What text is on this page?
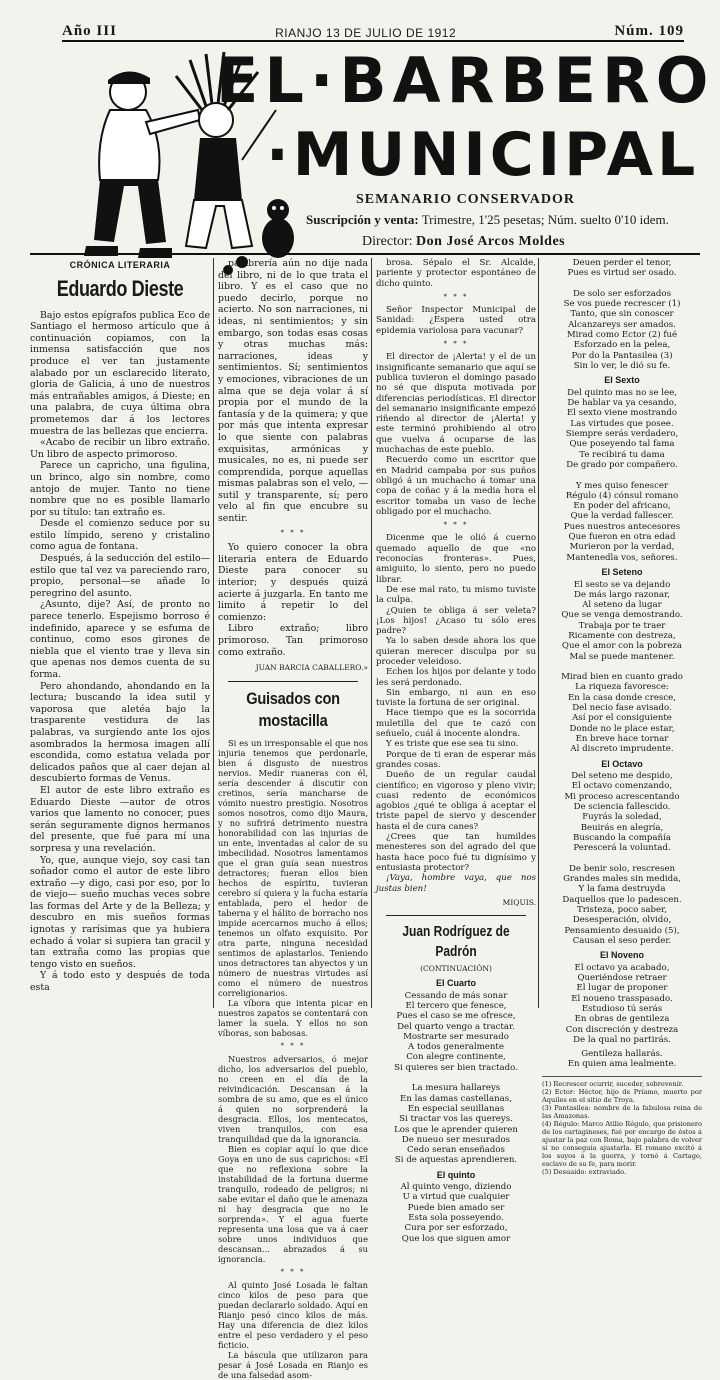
Año III	RIANJO 13 DE JULIO DE 1912	Núm. 109
EL·BARBERO
·MUNICIPAL
SEMANARIO CONSERVADOR
Suscripción y venta: Trimestre, 1'25 pesetas; Núm. suelto 0'10 idem.
Director: Don José Arcos Moldes
CRÓNICA LITERARIA
Eduardo Dieste

Bajo estos epígrafos publica Eco de Santiago el hermoso artículo que á continuación copiamos, con la inmensa satisfacción que nos produce el ver tan justamente alabado por un esclarecido literato, gloria de Galicia, á uno de nuestros más entrañables amigos, á Dieste; en una palabra, de cuya última obra prometemos dar á los lectores muestra de las bellezas que encierra.

«Acabo de recibir un libro extraño. Un libro de aspecto primoroso.

Parece un capricho, una figulina, un brinco, algo sin nombre, como antojo de mujer. Tanto no tiene nombre que no es posible llamarlo por su título: tan extraño es.

Desde el comienzo seduce por su estilo límpido, sereno y cristalino como agua de fontana.

Después, á la seducción del estilo—estilo que tal vez va pareciendo raro, propio, personal—se añade lo peregrino del asunto.

¿Asunto, dije? Así, de pronto no parece tenerlo. Espejismo borroso é indefinido, aparece y se esfuma de continuo, como esos girones de niebla que el viento trae y lleva sin que apenas nos demos cuenta de su forma.

Pero ahondando, ahondando en la lectura; buscando la idea sutil y vaporosa que aletéa bajo la trasparente vestidura de las palabras, va surgiendo ante los ojos asombrados la hermosa imagen allí escondida, como estatua velada por delicados paños que al caer dejan al descubierto formas de Venus.

El autor de este libro extraño es Eduardo Dieste —autor de otros varios que lamento no conocer, pues serán seguramente dignos hermanos del presente, que fué para mí una sorpresa y una revelación.

Yo, que, aunque viejo, soy casi tan soñador como el autor de este libro extraño —y digo, casi por eso, por lo de viejo— sueño muchas veces sobre las formas del Arte y de la Belleza; y descubro en mis sueños formas ignotas y rarísimas que ya hubiera echado á volar si supiera tan gracil y tan extraña como las propias que tengo visto en sueños.

Y á todo esto y después de toda esta

palabrería aún no dije nada del libro, ni de lo que trata el libro. Y es el caso que no puedo decirlo, porque no acierto. No son narraciones, ni ideas, ni sentimientos; y sin embargo, son todas esas cosas y otras muchas más: narraciones, ideas y sentimientos. Sí; sentimientos y emociones, vibraciones de un alma que se deja volar á sí propia por el mundo de la fantasía y de la quimera; y que por más que intenta expresar lo que siente con palabras exquisitas, armónicas y musicales, no es, ni puede ser comprendida, porque aquellas mismas palabras son el velo, —sutil y transparente, sí; pero velo al fin que encubre su sentir.

* * *

Yo quiero conocer la obra literaria entera de Eduardo Dieste para conocer su interior; y después quizá acierte á juzgarla. En tanto me limito á repetir lo del comienzo:

Libro extraño; libro primoroso. Tan primoroso como extraño.

JUAN BARCIA CABALLERO.»
Guisados con mostacilla

Si es un irresponsable el que nos injuria tenemos que perdonarle, bien á disgusto de nuestros nervios. Medir ruaneras con él, sería descender á discutir con cretinos, sería mancharse de vómito nuestro prestigio. Nosotros somos nosotros, como dijo Maura, y no sufrirá detrimento nuestra honorabilidad con las injurias de un ente, inventadas al calor de su imbecilidad. Nosotros lamentamos que el gran guía sean nuestros detractores; fueran ellos bien hechos de espíritu, tuvieran cerebro sí quiera y la fucha estaría entablada, pero el hedor de taberna y el hálito de borracho nos impide acercarnos mucho á ellos; tenemos un olfato exquisito. Por otra parte, ninguna necesidad sentimos de aplastarlos. Teniendo unos detractores tan abyectos y un número de nuestras virtudes así como el número de nuestros correligionarios.

La víbora que intenta picar en nuestros zapatos se contentará con lamer la suela. Y ellos no son víboras, son babosas.

* * *

Nuestros adversarios, ó mejor dicho, los adversarios del pueblo, no creen en el día de la reivindicación. Descansan á la sombra de su amo, que es el único á quien no sorprenderá la desgracia. Ellos, los mentecatos, viven tranquilos, con esa tranquilidad que da la ignorancia.

Bien es copiar aquí lo que dice Goya en uno de sus caprichos: «El que no reflexiona sobre la instabilidad de la fortuna duerme tranquilo, rodeado de peligros; ni sabe evitar el daño que le amenaza ni hay desgracia que no le sorprenda». Y el agua fuerte representa una losa que va á caer sobre unos individuos que descansan... abrazados á su ignorancia.

* * *

Al quinto José Losada le faltan cinco kilos de peso para que puedan declararlo soldado. Aquí en Rianjo pesó cinco kilos de más. Hay una diferencia de diez kilos entre el peso verdadero y el peso ficticio.

La báscula que utilizaron para pesar á José Losada en Rianjo es de una falsedad asom-

brosa. Sépalo el Sr. Alcalde, pariente y protector espontáneo de dicho quinto.

* * *

Señor Inspector Municipal de Sanidad: ¿Espera usted otra epidemia variolosa para vacunar?

* * *

El director de ¡Alerta! y el de un insignificante semanario que aquí se publica tuvieron el domingo pasado no sé que disputa motivada por diferencias periodísticas. El director del semanario insignificante empezó riñendo al director de ¡Alerta! y este terminó prohibiendo al otro que vuelva á ocuparse de las muchachas de este pueblo.

Recuerdo como un escritor que en Madrid campaba por sus puños obligó á un muchacho á tomar una copa de coñac y á la media hora el escritor tomaba un vaso de leche obligado por el muchacho.

* * *

Dicenme que le olió á cuerno quemado aquello de que «no reconocías fronteras». Pues, amiguito, lo siento, pero no puedo librar.

De ese mal rato, tu mismo tuviste la culpa.

¿Quien te obliga á ser veleta? ¡Los hijos! ¿Acaso tu sólo eres padre?

Ya lo saben desde ahora los que quieran merecer disculpa por su proceder veleidoso.

Echen los hijos por delante y todo les será perdonado.

Sin embargo, ni aun en eso tuviste la fortuna de ser original.

Hace tiempo que es la socorrida muletilla del que te cazó con señuelo, cuál á inocente alondra.

Y es triste que ese sea tu sino.

Porque de ti eran de esperar más grandes cosas.

Dueño de un regular caudal científico; en vigoroso y pleno vivir; cuasi redento de económicos agobios ¿qué te obliga á aceptar el triste papel de siervo y descender hasta el de cura canes?

¿Crees que tan humildes menesteres son del agrado del que hasta hace poco fué tu dignísimo y entusiasta protector?

¡Vaya, hombre vaya, que nos justas bien!

MIQUIS.
Juan Rodríguez de Padrón
(CONTINUACIÓN)
El Cuarto
Cessando de más sonar
El tercero que fenesce,
Pues el caso se me ofresce,
Del quarto vengo a tractar.
Mostrarte ser mesurado
A todos generalmente
Con alegre continente,
Si quieres ser bien tractado.

La mesura hallareys
En las damas castellanas,
En especial seuillanas
Si tractar vos las quereys.
Los que le aprender quieren
De nueuo ser mesurados
Cedo seran enseñados
Si de aquestas aprendieren.
El quinto
Al quinto vengo, diziendo
U a virtud que cualquier
Puede bien amado ser
Esta sola posseyendo.
Cura por ser esforzado,
Que los que siguen amor
Deuen perder el tenor,
Pues es virtud ser osado.

De solo ser esforzados
Se vos puede recrescer (1)
Tanto, que sin conoscer
Alcanzareys ser amados.
Mirad como Ector (2) fué
Esforzado en la pelea,
Por do la Pantasilea (3)
Sin lo ver, le dió su fe.
El Sexto
Del quinto mas no se lee,
De hablar va ya cesando,
El sexto viene mostrando
Las virtudes que posee.
Siempre serás verdadero,
Que poseyendo tal fama
Te recibirá tu dama
De grado por compañero.

Y mes quiso fenescer
Régulo (4) cónsul romano
En poder del africano,
Que la verdad fallescer.
Pues nuestros antecesores
Que fueron en otra edad
Murieron por la verdad,
Mantenedla vos, señores.
El Seteno
El sesto se va dejando
De más largo razonar,
Al seteno da lugar
Que se venga demostrando.
Trabaja por te traer
Ricamente con destreza,
Que el amor con la pobreza
Mal se puede mantener.

Mirad bien en cuanto grado
La riqueza favoresce:
En la casa donde cresce,
Del necio fase avisado.
Así por el consiguiente
Donde no le place estar,
En breve hace tornar
Al discreto imprudente.
El Octavo
Del seteno me despido,
El octavo comenzando,
Mi proceso acrescentando
De sciencia fallescido.
Fuyrás la soledad,
Beuirás en alegría,
Buscando la compañía
Perescerá la voluntad.

De benir solo, rescresen
Grandes males sin medida,
Y la fama destruyda
Daquellos que lo padescen.
Tristeza, poco saber,
Desesperación, olvido,
Pensamiento desuaido (5),
Causan el seso perder.
El Noveno
El octavo ya acabado,
Queriéndose retraer
El lugar de proponer
El noueno trasspasado.
Estudioso tú serás
En obras de gentileza
Con discreción y destreza
De la qual no partirás.
Gentileza hallarás.
En quien ama lealmente.
(1) Recrescer ocurrir, suceder, sobrevenir.
(2) Ector: Héctor, hijo de Príamo, muerto por Aquiles en el sitio de Troya.
(3) Pantasilea: nombre de la fabulosa reina de las Amazonas.
(4) Régulo: Marco Atilio Régulo, que prisionero de los cartagineses, fué por encargo de éstos á ajustar la paz con Roma, bajo palabra de volver si no conseguía ajustarla. El romano excitó á los suyos á la guerra, y tornó á Cartago, esclavo de su fe, para morir.
(5) Desuaido: extraviado.
